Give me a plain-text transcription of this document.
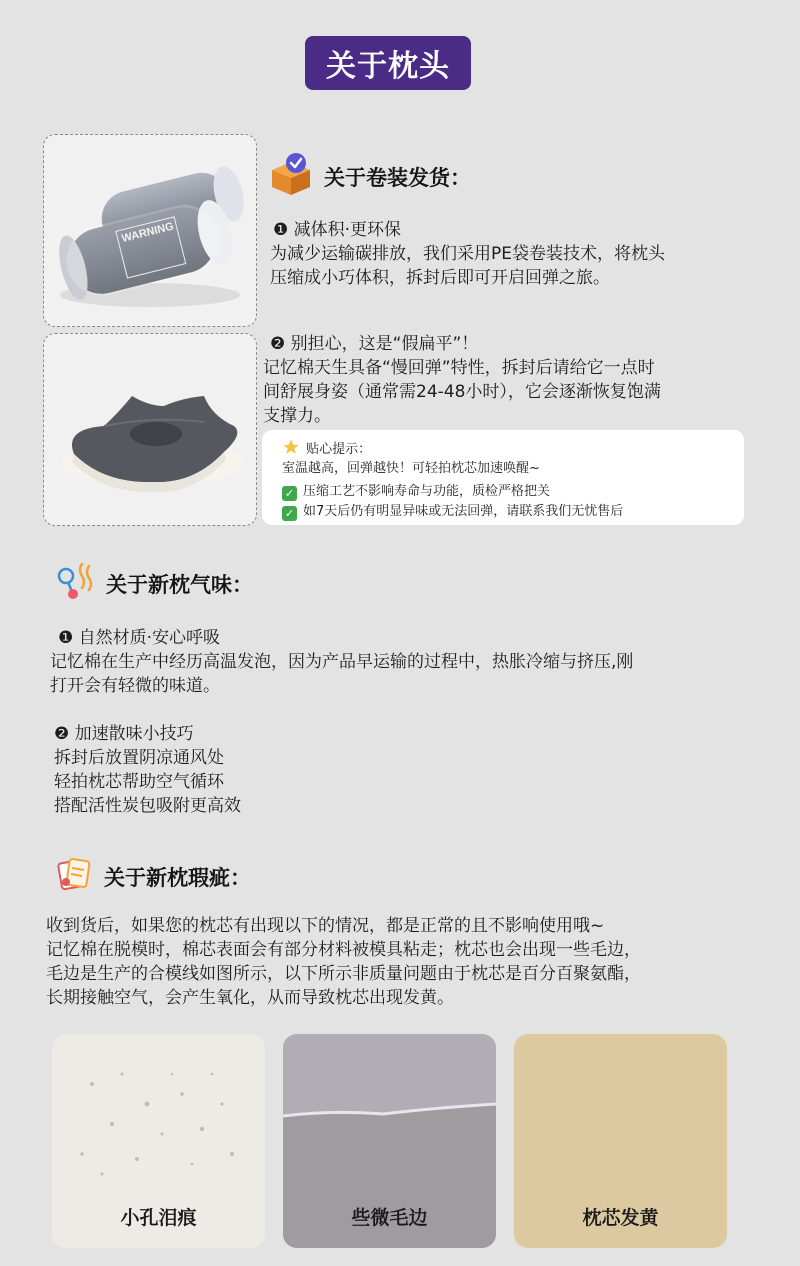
关于枕头
WARNING
关于卷装发货：
❶ 减体积·更环保
为减少运输碳排放，我们采用PE袋卷装技术，将枕头
压缩成小巧体积，拆封后即可开启回弹之旅。
❷ 别担心，这是“假扁平”！
记忆棉天生具备“慢回弹”特性，拆封后请给它一点时
间舒展身姿（通常需24-48小时），它会逐渐恢复饱满
支撑力。
贴心提示：
室温越高，回弹越快！可轻拍枕芯加速唤醒~
✓ 压缩工艺不影响寿命与功能，质检严格把关
✓ 如7天后仍有明显异味或无法回弹，请联系我们无忧售后
关于新枕气味：
❶ 自然材质·安心呼吸
记忆棉在生产中经历高温发泡，因为产品早运输的过程中，热胀冷缩与挤压,刚
打开会有轻微的味道。
❷ 加速散味小技巧
拆封后放置阴凉通风处
轻拍枕芯帮助空气循环
搭配活性炭包吸附更高效
关于新枕瑕疵：
收到货后，如果您的枕芯有出现以下的情况，都是正常的且不影响使用哦~
记忆棉在脱模时，棉芯表面会有部分材料被模具粘走；枕芯也会出现一些毛边，
毛边是生产的合模线如图所示，以下所示非质量问题由于枕芯是百分百聚氨酯，
长期接触空气，会产生氧化，从而导致枕芯出现发黄。
小孔泪痕	些微毛边	枕芯发黄
